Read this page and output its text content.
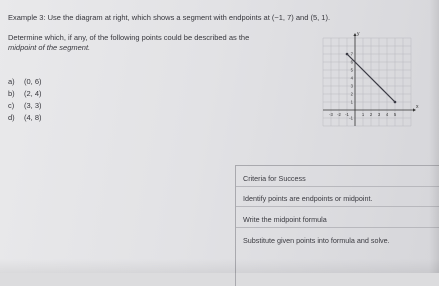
Example 3: Use the diagram at right, which shows a segment with endpoints at (−1, 7) and (5, 1).
Determine which, if any, of the following points could be described as the
midpoint of the segment.
a) (0, 6)
b) (2, 4)
c) (3, 3)
d) (4, 8)	-3 -2 -1	1 2 3 4 5
-1
1
2
3
4
5
6
7
x
y
Criteria for Success
Identify points are endpoints or midpoint.
Write the midpoint formula
Substitute given points into formula and solve.
